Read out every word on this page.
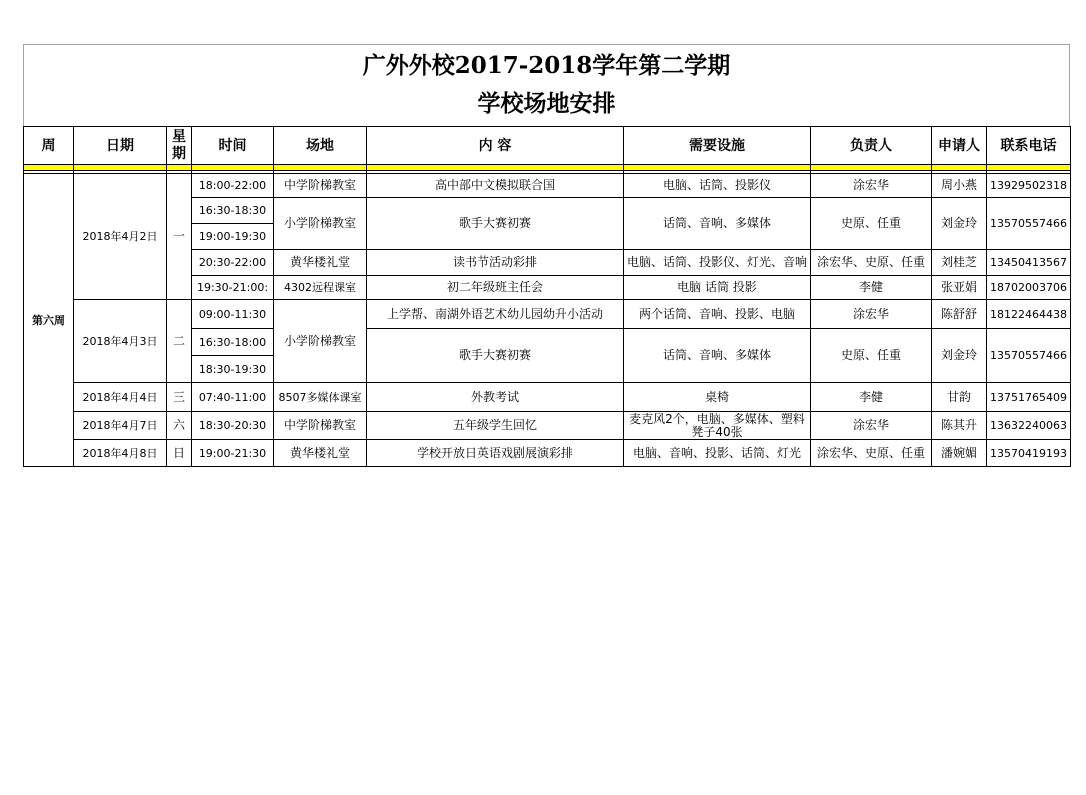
广外外校2017-2018学年第二学期
学校场地安排
周	日期	星期	时间	场地	内 容	需要设施	负责人	申请人	联系电话

第六周	2018年4月2日	一	18:00-22:00	中学阶梯教室	高中部中文模拟联合国	电脑、话筒、投影仪	涂宏华	周小燕	13929502318
			16:30-18:30	小学阶梯教室	歌手大赛初赛	话筒、音响、多媒体	史原、任重	刘金玲	13570557466
			19:00-19:30						
			20:30-22:00	黄华楼礼堂	读书节活动彩排	电脑、话筒、投影仪、灯光、音响	涂宏华、史原、任重	刘桂芝	13450413567
			19:30-21:00:	4302远程课室	初二年级班主任会	电脑 话筒 投影	李健	张亚娟	18702003706
	2018年4月3日	二	09:00-11:30	小学阶梯教室	上学帮、南湖外语艺术幼儿园幼升小活动	两个话筒、音响、投影、电脑	涂宏华	陈舒舒	18122464438
			16:30-18:00		歌手大赛初赛	话筒、音响、多媒体	史原、任重	刘金玲	13570557466
			18:30-19:30						
	2018年4月4日	三	07:40-11:00	8507多媒体课室	外教考试	桌椅	李健	甘韵	13751765409
	2018年4月7日	六	18:30-20:30	中学阶梯教室	五年级学生回忆	麦克风2个，电脑、多媒体、塑料凳子40张	涂宏华	陈其升	13632240063
	2018年4月8日	日	19:00-21:30	黄华楼礼堂	学校开放日英语戏剧展演彩排	电脑、音响、投影、话筒、灯光	涂宏华、史原、任重	潘婉媚	13570419193
